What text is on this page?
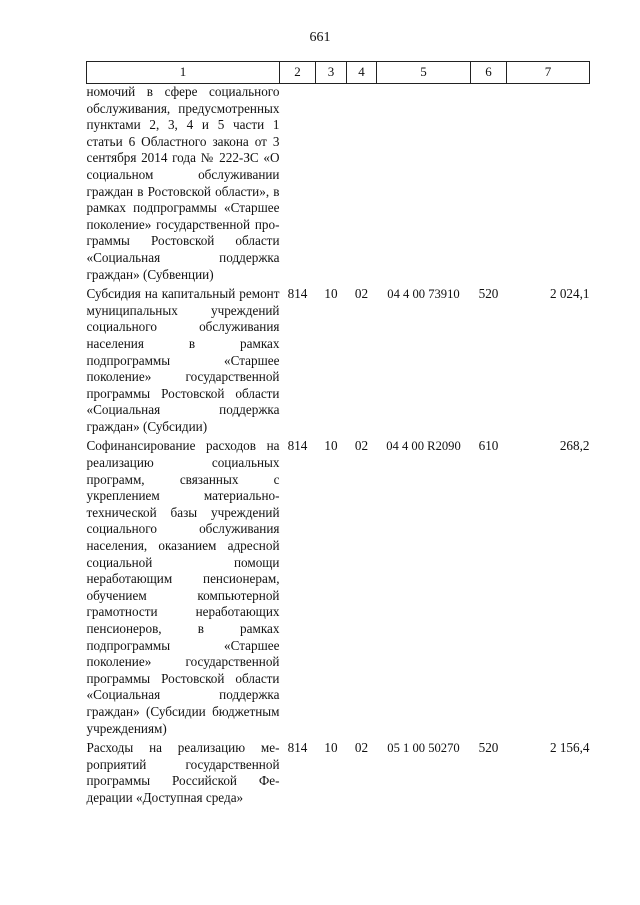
661
1	2	3	4	5	6	7
номочий в сфере социального обслуживания, предусмотренных пунктами 2, 3, 4 и 5 части 1 статьи 6 Областного закона от 3 сентября 2014 года № 222-ЗС «О социальном обслуживании граждан в Ростовской области», в рамках подпрограммы «Старшее поколение» государственной программы Ростовской области «Социальная поддержка граждан» (Субвенции)						
Субсидия на капитальный ремонт муниципальных учреждений социального обслуживания населения в рамках подпрограммы «Старшее поколение» государственной программы Ростовской области «Социальная поддержка граждан» (Субсидии)	814	10	02	04 4 00 73910	520	2 024,1
Софинансирование расходов на реализацию социальных программ, связанных с укреплением материально-технической базы учреждений социального обслуживания населения, оказанием адресной социальной помощи неработающим пенсионерам, обучением компьютерной грамотности неработающих пенсионеров, в рамках подпрограммы «Старшее поколение» государственной программы Ростовской области «Социальная поддержка граждан» (Субсидии бюджетным учреждениям)	814	10	02	04 4 00 R2090	610	268,2
Расходы на реализацию мероприятий государственной программы Российской Федерации «Доступная среда»	814	10	02	05 1 00 50270	520	2 156,4
